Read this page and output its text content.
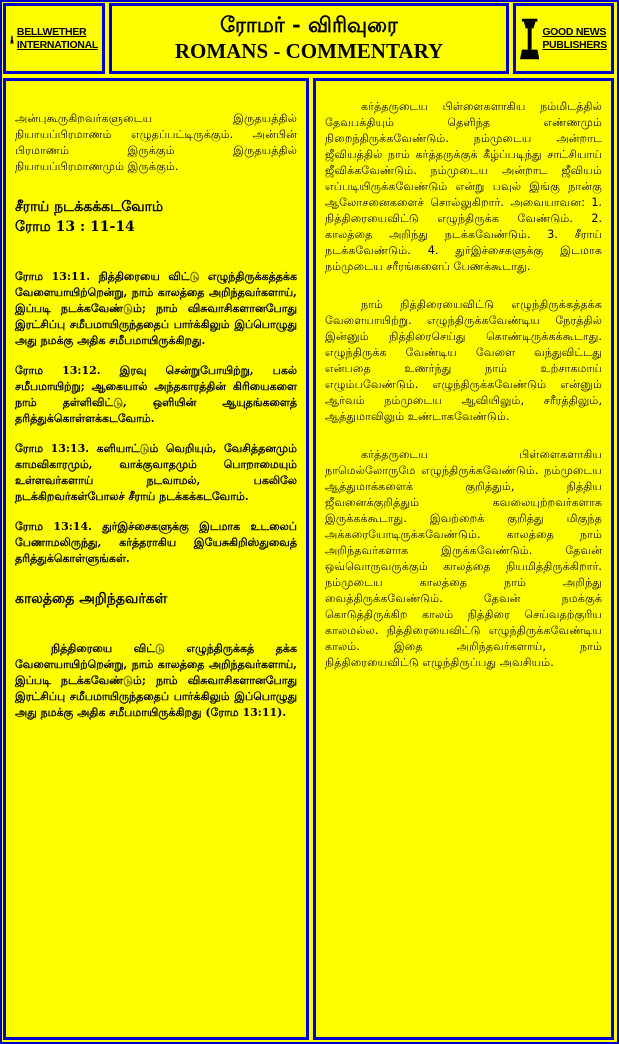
BELLWETHER
INTERNATIONAL
ரோமர் - விரிவுரை
ROMANS - COMMENTARY
GOOD NEWS
PUBLISHERS

அன்புகூருகிறவர்களுடைய இருதயத்தில் நியாயப்பிரமாணம் எழுதப்பட்டிருக்கும். அன்பின் பிரமாணம் இருக்கும் இருதயத்தில் நியாயப்பிரமாணமும் இருக்கும்.

சீராய் நடக்கக்கடவோம்
ரோம 13 : 11-14

ரோம 13:11. நித்திரையை விட்டு எழுந்திருக்கத்தக்க வேளையாயிற்றென்று, நாம் காலத்தை அறிந்தவர்களாய், இப்படி நடக்கவேண்டும்; நாம் விசுவாசிகளானபோது இரட்சிப்பு சமீபமாயிருந்ததைப் பார்க்கிலும் இப்பொழுது அது நமக்கு அதிக சமீபமாயிருக்கிறது.

ரோம 13:12. இரவு சென்றுபோயிற்று, பகல் சமீபமாயிற்று; ஆகையால் அந்தகாரத்தின் கிரியைகளை நாம் தள்ளிவிட்டு, ஒளியின் ஆயுதங்களைத் தரித்துக்கொள்ளக்கடவோம்.

ரோம 13:13. களியாட்டும் வெறியும், வேசித்தனமும் காமவிகாரமும், வாக்குவாதமும் பொறாமையும் உள்ளவர்களாய் நடவாமல், பகலிலே நடக்கிறவர்கள்போலச் சீராய் நடக்கக்கடவோம்.

ரோம 13:14. துர்இச்சைகளுக்கு இடமாக உடலைப் பேணாமலிருந்து, கர்த்தராகிய இயேசுகிறிஸ்துவைத் தரித்துக்கொள்ளுங்கள்.

காலத்தை அறிந்தவர்கள்

நித்திரையை விட்டு எழுந்திருக்கத் தக்க வேளையாயிற்றென்று, நாம் காலத்தை அறிந்தவர்களாய், இப்படி நடக்கவேண்டும்; நாம் விசுவாசிகளானபோது இரட்சிப்பு சமீபமாயிருந்ததைப் பார்க்கிலும் இப்பொழுது அது நமக்கு அதிக சமீபமாயிருக்கிறது (ரோம 13:11).

கர்த்தருடைய பிள்ளைகளாகிய நம்மிடத்தில் தேவபக்தியும் தெளிந்த எண்ணமும் நிறைந்திருக்கவேண்டும். நம்முடைய அன்றாட ஜீவியத்தில் நாம் கர்த்தருக்குக் கீழ்ப்படிந்து சாட்சியாய் ஜீவிக்கவேண்டும். நம்முடைய அன்றாட ஜீவியம் எப்படியிருக்கவேண்டும் என்று பவுல் இங்கு நான்கு ஆலோசனைகளைச் சொல்லுகிறார். அவையாவன: 1. நித்திரையைவிட்டு எழுந்திருக்க வேண்டும். 2. காலத்தை அறிந்து நடக்கவேண்டும். 3. சீராய் நடக்கவேண்டும். 4. துர்இச்சைகளுக்கு இடமாக நம்முடைய சரீரங்களைப் பேணக்கூடாது.

நாம் நித்திரையைவிட்டு எழுந்திருக்கத்தக்க வேளையாயிற்று. எழுந்திருக்கவேண்டிய நேரத்தில் இன்னும் நித்திரைசெய்து கொண்டிருக்கக்கூடாது. எழுந்திருக்க வேண்டிய வேளை வந்துவிட்டது என்பதை உணர்ந்து நாம் உற்சாகமாய் எழும்பவேண்டும். எழுந்திருக்கவேண்டும் என்னும் ஆர்வம் நம்முடைய ஆவியிலும், சரீரத்திலும், ஆத்துமாவிலும் உண்டாகவேண்டும்.

கர்த்தருடைய பிள்ளைகளாகிய நாமெல்லோருமே எழுந்திருக்கவேண்டும். நம்முடைய ஆத்துமாக்களைக் குறித்தும், நித்திய ஜீவனைக்குறித்தும் கவலையுற்றவர்களாக இருக்கக்கூடாது. இவற்றைக் குறித்து மிகுந்த அக்கரையோடிருக்கவேண்டும். காலத்தை நாம் அறிந்தவர்களாக இருக்கவேண்டும். தேவன் ஒவ்வொருவருக்கும் காலத்தை நியமித்திருக்கிறார். நம்முடைய காலத்தை நாம் அறிந்து வைத்திருக்கவேண்டும். தேவன் நமக்குக் கொடுத்திருக்கிற காலம் நித்திரை செய்வதற்குரிய காலமல்ல. நித்திரையைவிட்டு எழுந்திருக்கவேண்டிய காலம். இதை அறிந்தவர்களாய், நாம் நித்திரையைவிட்டு எழுந்திருப்பது அவசியம்.
